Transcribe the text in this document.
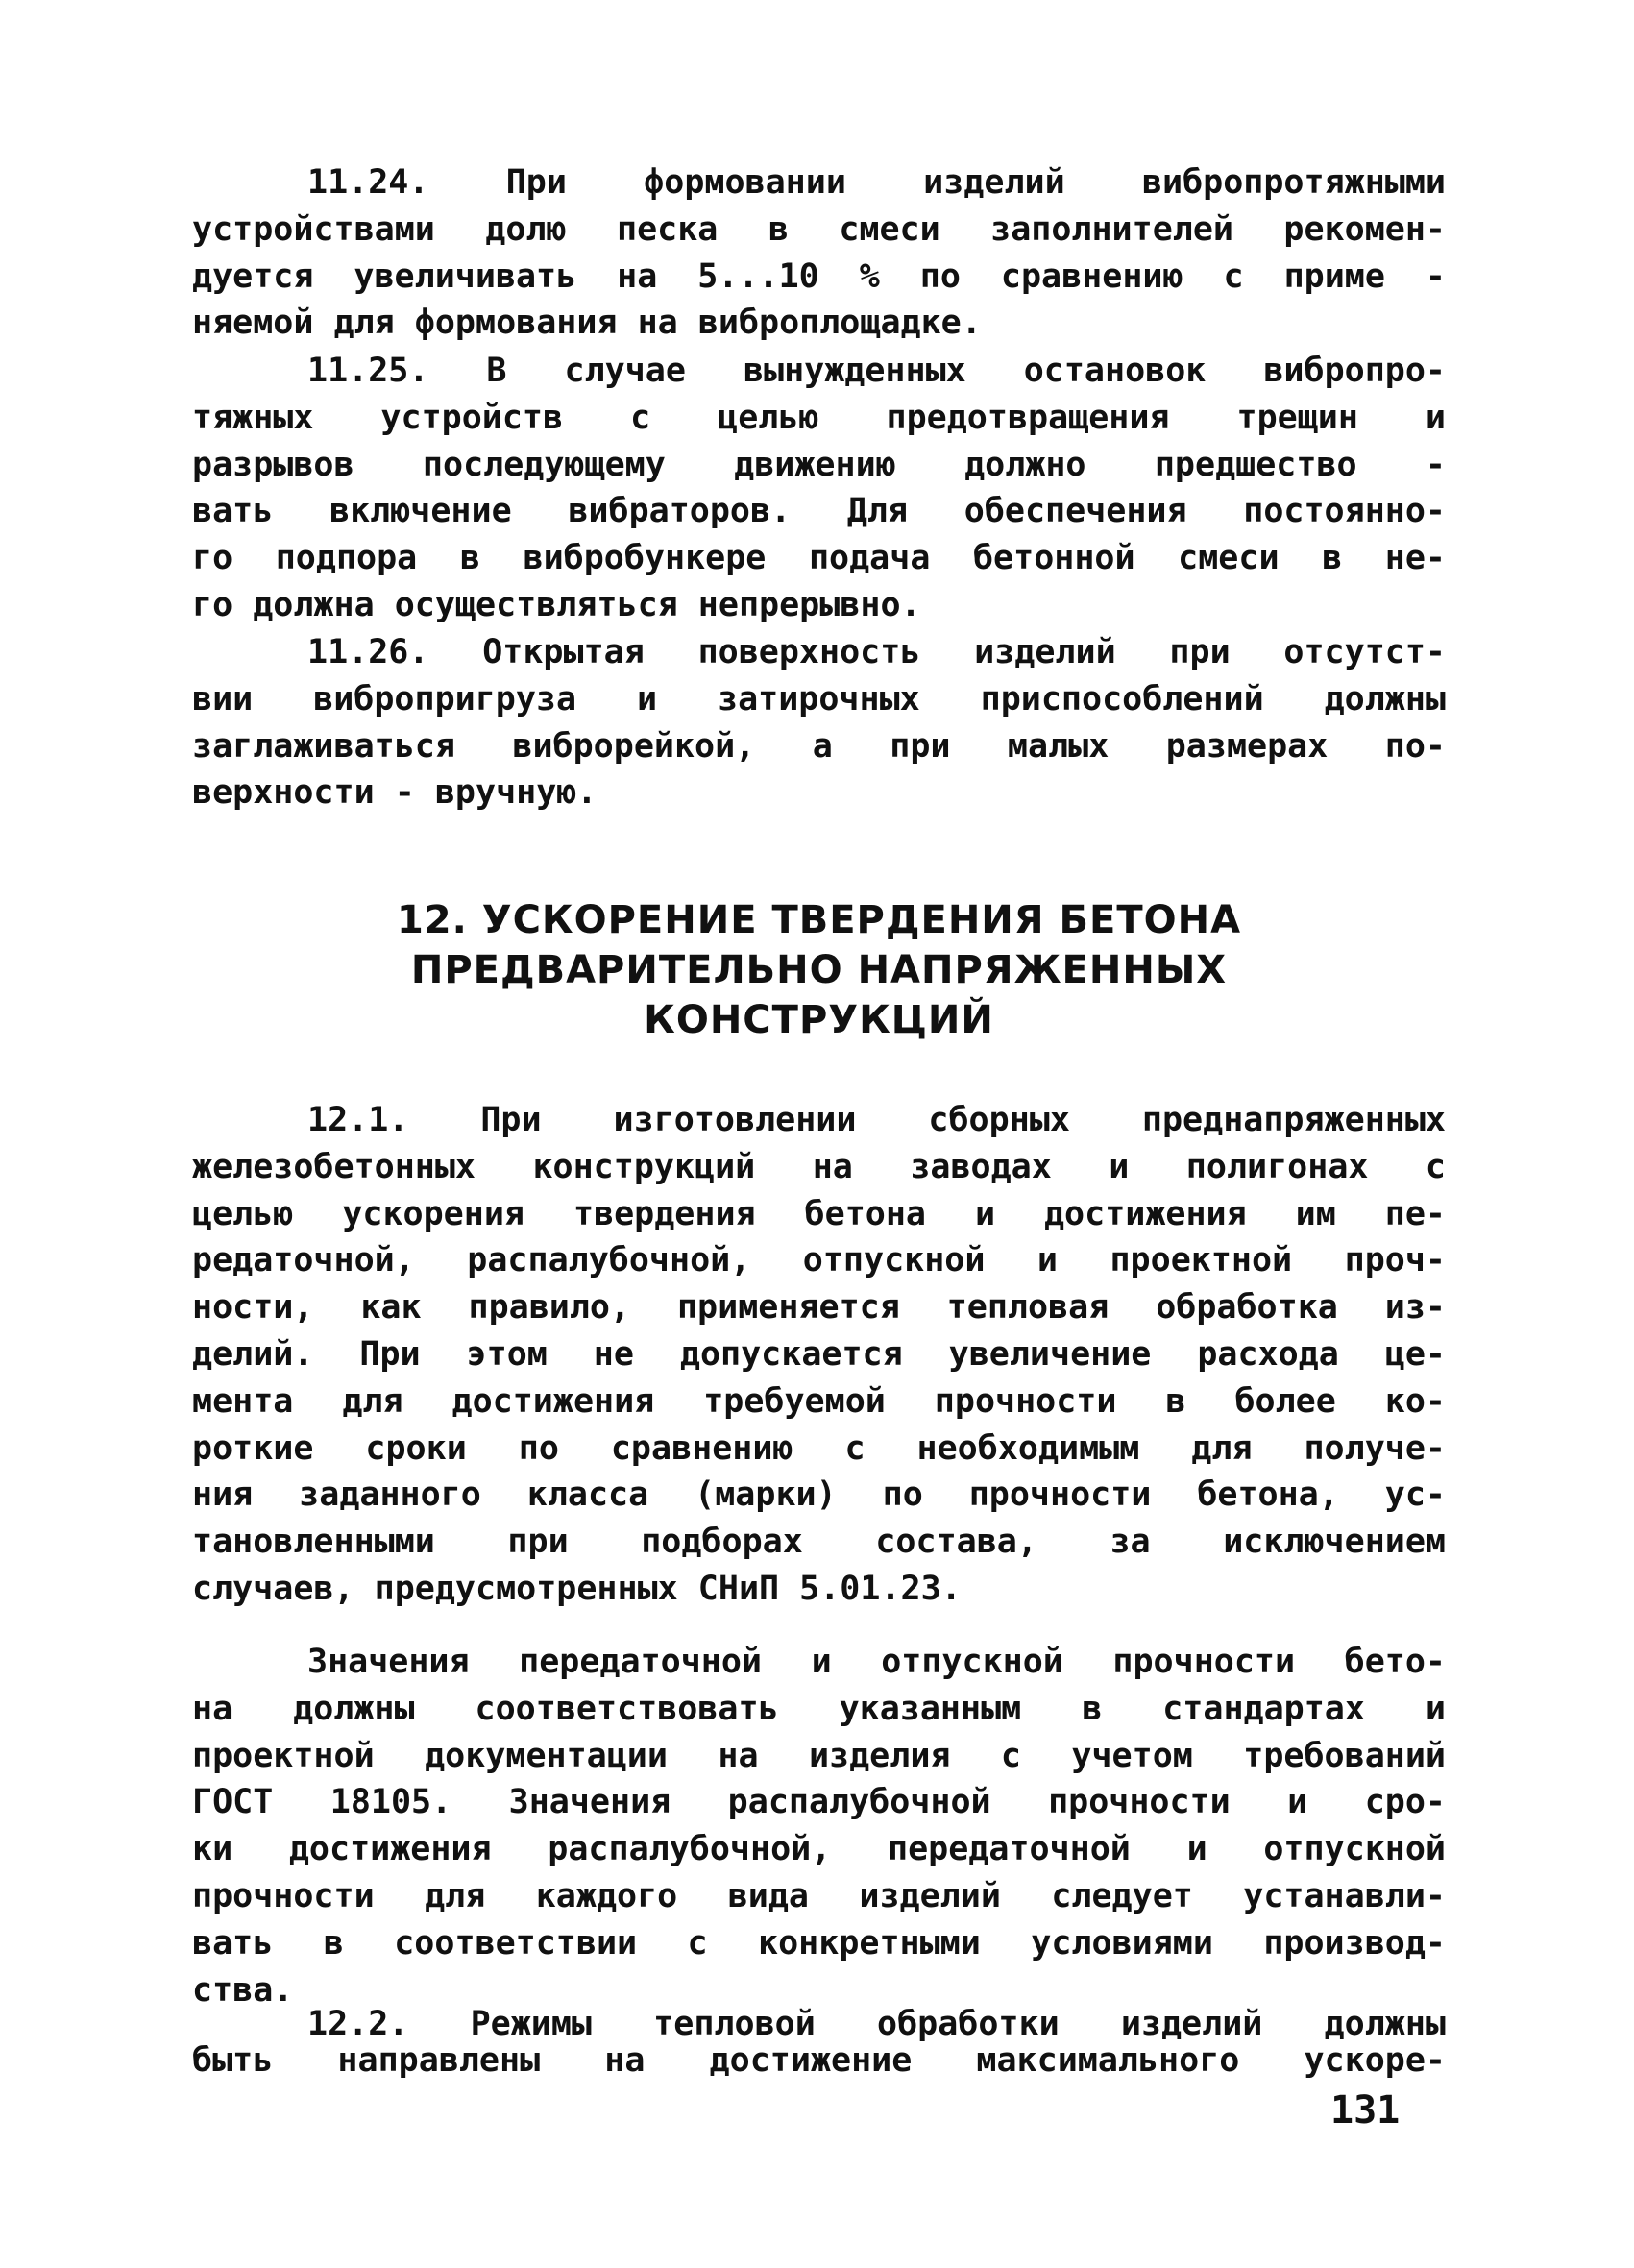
11.24. При формовании изделий вибропротяжными
устройствами долю песка в смеси заполнителей рекомен-
дуется увеличивать на 5...10 % по сравнению с приме -
няемой для формования на виброплощадке.
11.25. В случае вынужденных остановок вибропро-
тяжных устройств с целью предотвращения трещин и
разрывов последующему движению должно предшество -
вать включение вибраторов. Для обеспечения постоянно-
го подпора в вибробункере подача бетонной смеси в не-
го должна осуществляться непрерывно.
11.26. Открытая поверхность изделий при отсутст-
вии вибропригруза и затирочных приспособлений должны
заглаживаться виброрейкой, а при малых размерах по-
верхности - вручную.
12. УСКОРЕНИЕ ТВЕРДЕНИЯ БЕТОНА
ПРЕДВАРИТЕЛЬНО НАПРЯЖЕННЫХ
КОНСТРУКЦИЙ
12.1. При изготовлении сборных преднапряженных
железобетонных конструкций на заводах и полигонах с
целью ускорения твердения бетона и достижения им пе-
редаточной, распалубочной, отпускной и проектной проч-
ности, как правило, применяется тепловая обработка из-
делий. При этом не допускается увеличение расхода це-
мента для достижения требуемой прочности в более ко-
роткие сроки по сравнению с необходимым для получе-
ния заданного класса (марки) по прочности бетона, ус-
тановленными при подборах состава, за исключением
случаев, предусмотренных СНиП 5.01.23.
Значения передаточной и отпускной прочности бето-
на должны соответствовать указанным в стандартах и
проектной документации на изделия с учетом требований
ГОСТ 18105. Значения распалубочной прочности и сро-
ки достижения распалубочной, передаточной и отпускной
прочности для каждого вида изделий следует устанавли-
вать в соответствии с конкретными условиями производ-
ства.
12.2. Режимы тепловой обработки изделий должны
быть направлены на достижение максимального ускоре-
131
